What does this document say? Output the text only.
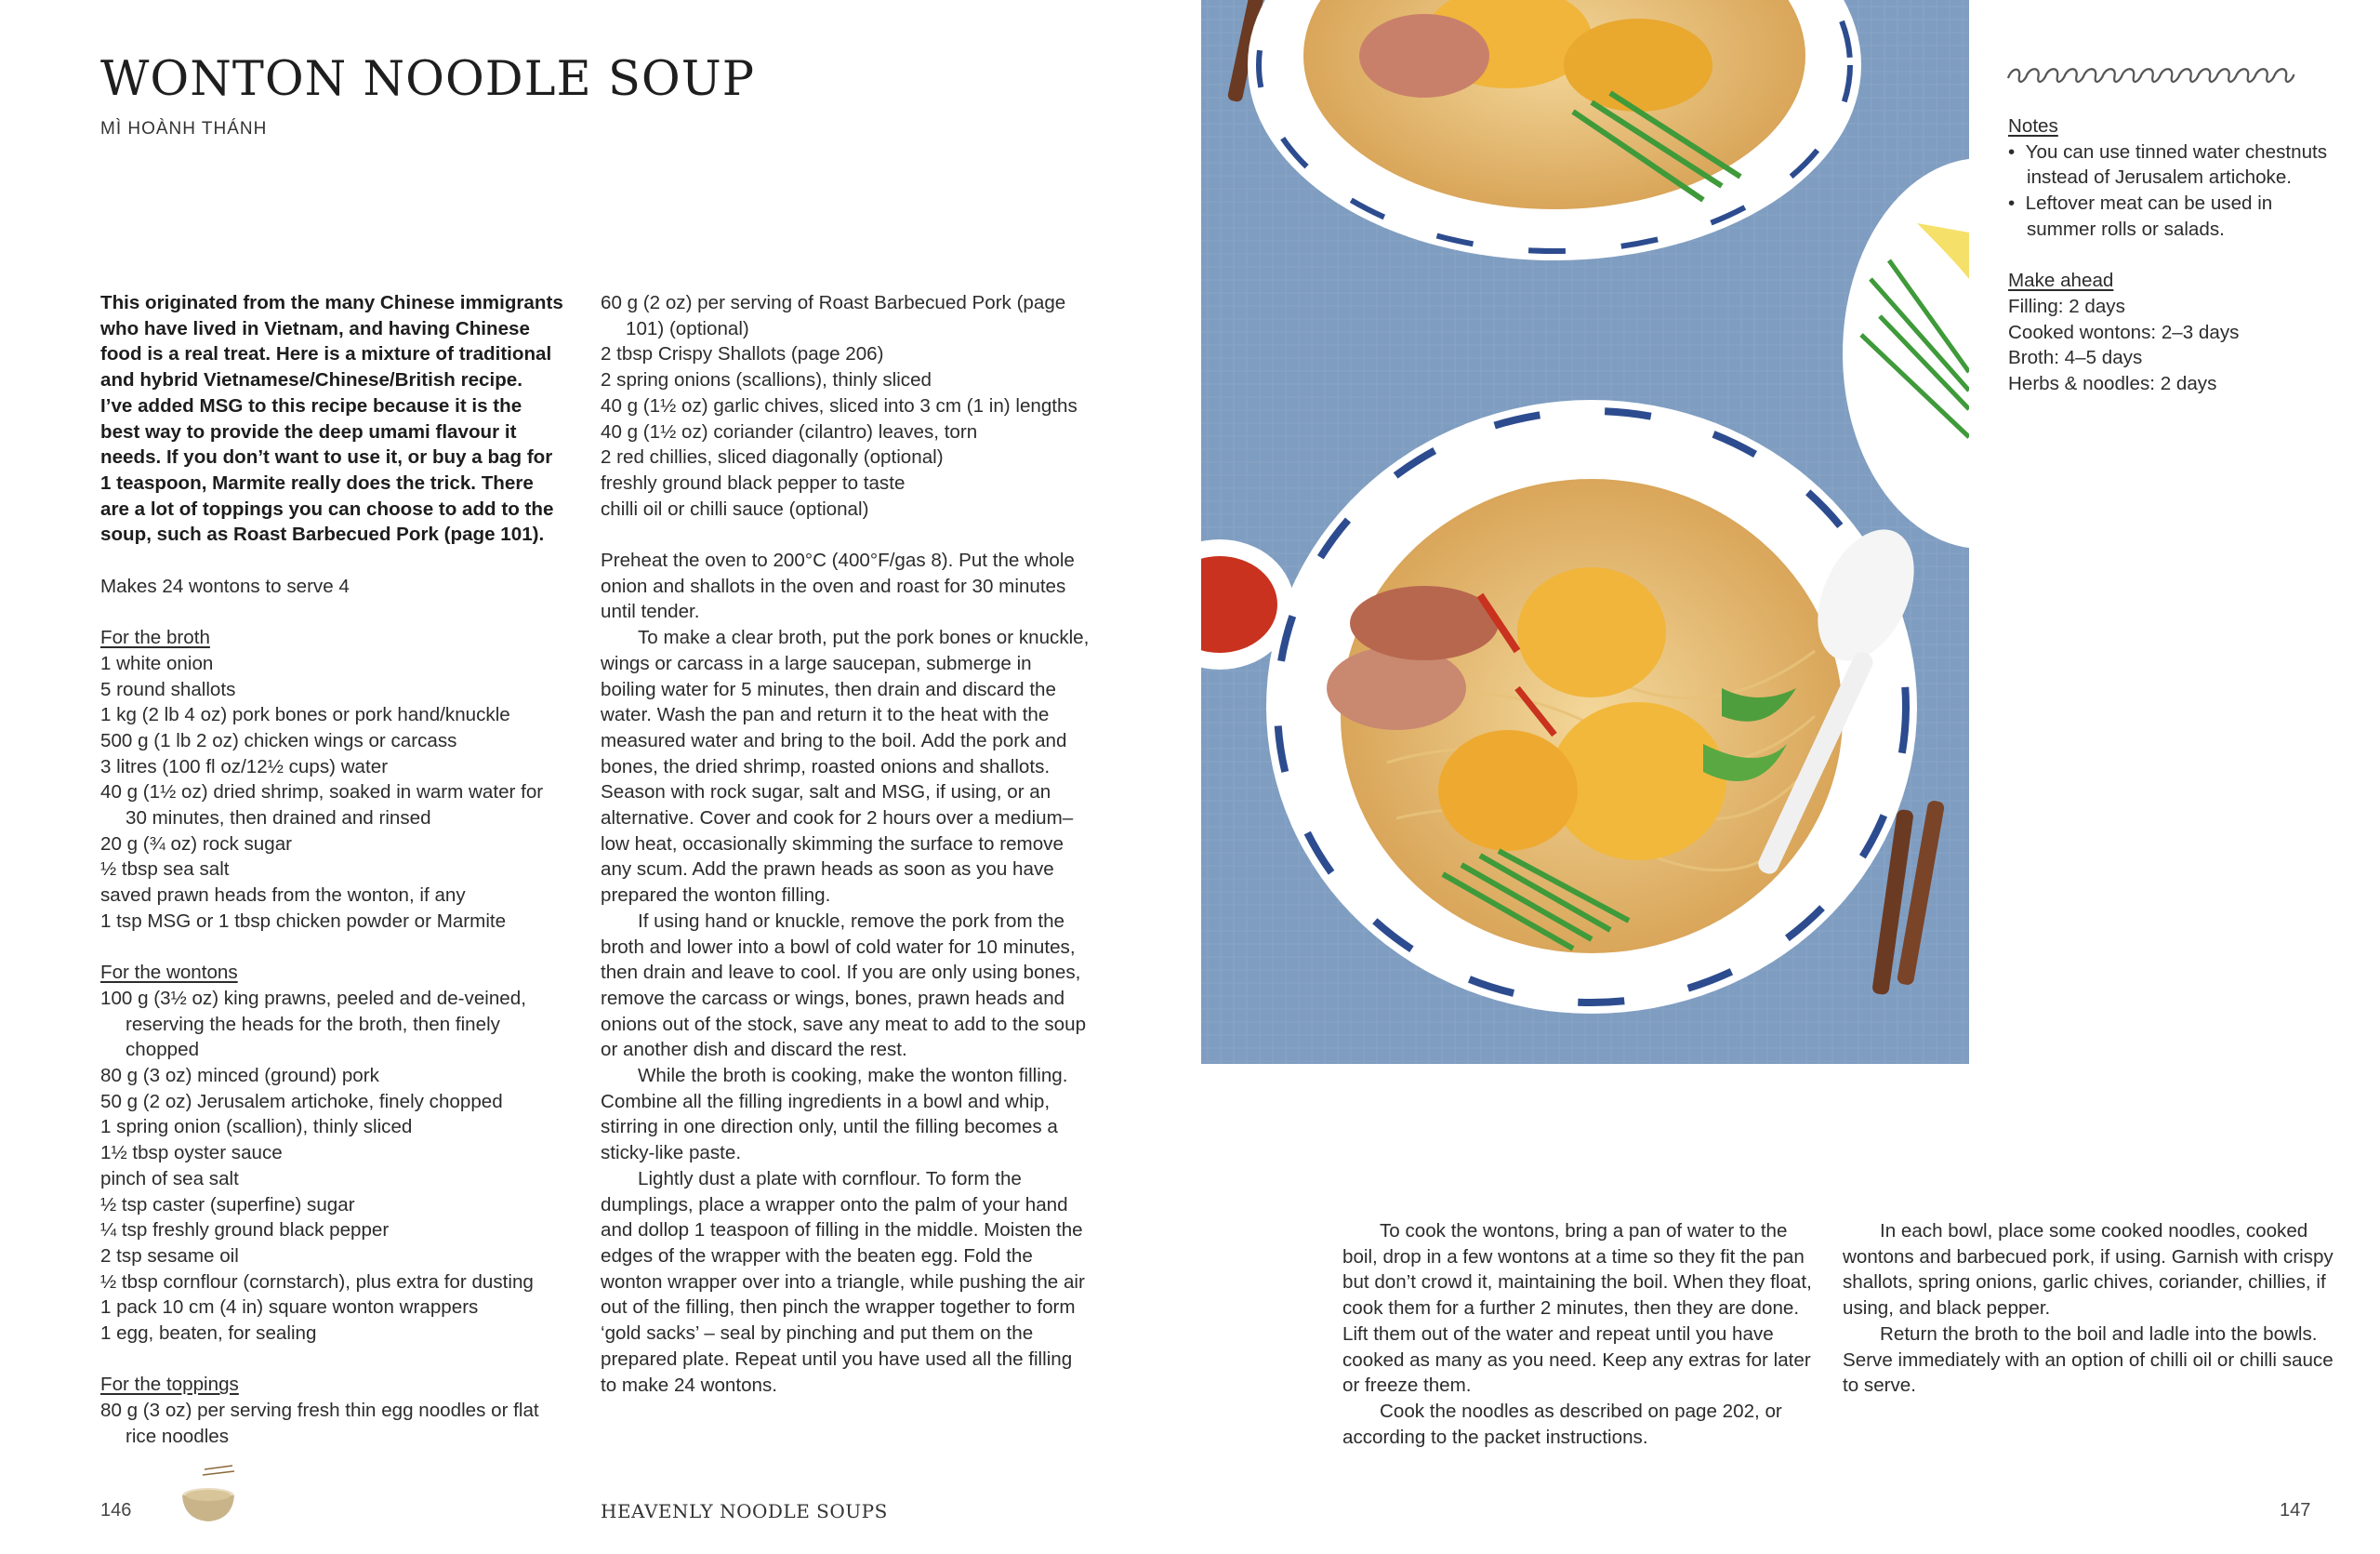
WONTON NOODLE SOUP
MÌ HOÀNH THÁNH

This originated from the many Chinese immigrants

who have lived in Vietnam, and having Chinese

food is a real treat. Here is a mixture of traditional

and hybrid Vietnamese/Chinese/British recipe.

I’ve added MSG to this recipe because it is the

best way to provide the deep umami flavour it

needs. If you don’t want to use it, or buy a bag for

1 teaspoon, Marmite really does the trick. There

are a lot of toppings you can choose to add to the

soup, such as Roast Barbecued Pork (page 101).

Makes 24 wontons to serve 4

For the broth

1 white onion

5 round shallots

1 kg (2 lb 4 oz) pork bones or pork hand/knuckle

500 g (1 lb 2 oz) chicken wings or carcass

3 litres (100 fl oz/12½ cups) water

40 g (1½ oz) dried shrimp, soaked in warm water for 30 minutes, then drained and rinsed

20 g (¾ oz) rock sugar

½ tbsp sea salt

saved prawn heads from the wonton, if any

1 tsp MSG or 1 tbsp chicken powder or Marmite

For the wontons

100 g (3½ oz) king prawns, peeled and de-veined, reserving the heads for the broth, then finely chopped

80 g (3 oz) minced (ground) pork

50 g (2 oz) Jerusalem artichoke, finely chopped

1 spring onion (scallion), thinly sliced

1½ tbsp oyster sauce

pinch of sea salt

½ tsp caster (superfine) sugar

¼ tsp freshly ground black pepper

2 tsp sesame oil

½ tbsp cornflour (cornstarch), plus extra for dusting

1 pack 10 cm (4 in) square wonton wrappers

1 egg, beaten, for sealing

For the toppings

80 g (3 oz) per serving fresh thin egg noodles or flat rice noodles

60 g (2 oz) per serving of Roast Barbecued Pork (page 101) (optional)

2 tbsp Crispy Shallots (page 206)

2 spring onions (scallions), thinly sliced

40 g (1½ oz) garlic chives, sliced into 3 cm (1 in) lengths

40 g (1½ oz) coriander (cilantro) leaves, torn

2 red chillies, sliced diagonally (optional)

freshly ground black pepper to taste

chilli oil or chilli sauce (optional)

Preheat the oven to 200°C (400°F/gas 8). Put the whole onion and shallots in the oven and roast for 30 minutes until tender.

To make a clear broth, put the pork bones or knuckle, wings or carcass in a large saucepan, submerge in boiling water for 5 minutes, then drain and discard the water. Wash the pan and return it to the heat with the measured water and bring to the boil. Add the pork and bones, the dried shrimp, roasted onions and shallots. Season with rock sugar, salt and MSG, if using, or an alternative. Cover and cook for 2 hours over a medium–low heat, occasionally skimming the surface to remove any scum. Add the prawn heads as soon as you have prepared the wonton filling.

If using hand or knuckle, remove the pork from the broth and lower into a bowl of cold water for 10 minutes, then drain and leave to cool. If you are only using bones, remove the carcass or wings, bones, prawn heads and onions out of the stock, save any meat to add to the soup or another dish and discard the rest.

While the broth is cooking, make the wonton filling. Combine all the filling ingredients in a bowl and whip, stirring in one direction only, until the filling becomes a sticky-like paste.

Lightly dust a plate with cornflour. To form the dumplings, place a wrapper onto the palm of your hand and dollop 1 teaspoon of filling in the middle. Moisten the edges of the wrapper with the beaten egg. Fold the wonton wrapper over into a triangle, while pushing the air out of the filling, then pinch the wrapper together to form ‘gold sacks’ – seal by pinching and put them on the prepared plate. Repeat until you have used all the filling to make 24 wontons.

Notes

•  You can use tinned water chestnuts instead of Jerusalem artichoke.

•  Leftover meat can be used in summer rolls or salads.

Make ahead

Filling: 2 days

Cooked wontons: 2–3 days

Broth: 4–5 days

Herbs & noodles: 2 days

To cook the wontons, bring a pan of water to the boil, drop in a few wontons at a time so they fit the pan but don’t crowd it, maintaining the boil. When they float, cook them for a further 2 minutes, then they are done. Lift them out of the water and repeat until you have cooked as many as you need. Keep any extras for later or freeze them.

Cook the noodles as described on page 202, or according to the packet instructions.

In each bowl, place some cooked noodles, cooked wontons and barbecued pork, if using. Garnish with crispy shallots, spring onions, garlic chives, coriander, chillies, if using, and black pepper.

Return the broth to the boil and ladle into the bowls. Serve immediately with an option of chilli oil or chilli sauce to serve.

146	HEAVENLY NOODLE SOUPS	147
